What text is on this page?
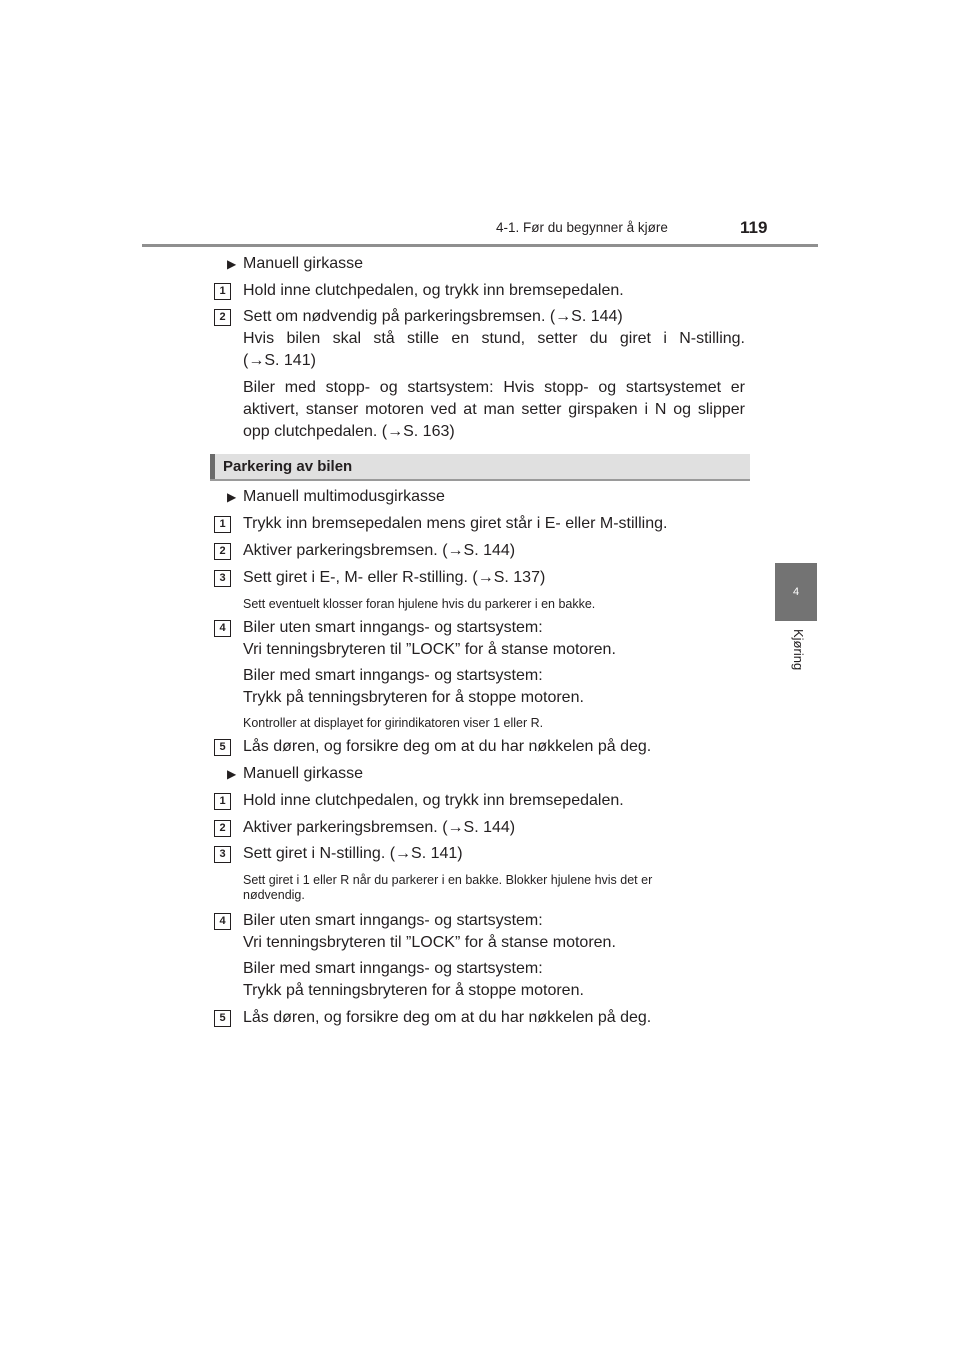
4-1. Før du begynner å kjøre	119
4
Kjøring
▶ Manuell girkasse
1	Hold inne clutchpedalen, og trykk inn bremsepedalen.
2	Sett om nødvendig på parkeringsbremsen. (→S. 144)
Hvis bilen skal stå stille en stund, setter du giret i N-stilling.
(→S. 141)
Biler med stopp- og startsystem: Hvis stopp- og startsystemet er
aktivert, stanser motoren ved at man setter girspaken i N og slipper
opp clutchpedalen. (→S. 163)
Parkering av bilen
▶ Manuell multimodusgirkasse
1	Trykk inn bremsepedalen mens giret står i E- eller M-stilling.
2	Aktiver parkeringsbremsen. (→S. 144)
3	Sett giret i E-, M- eller R-stilling. (→S. 137)
Sett eventuelt klosser foran hjulene hvis du parkerer i en bakke.
4	Biler uten smart inngangs- og startsystem:
Vri tenningsbryteren til ”LOCK” for å stanse motoren.
Biler med smart inngangs- og startsystem:
Trykk på tenningsbryteren for å stoppe motoren.
Kontroller at displayet for girindikatoren viser 1 eller R.
5	Lås døren, og forsikre deg om at du har nøkkelen på deg.
▶ Manuell girkasse
1	Hold inne clutchpedalen, og trykk inn bremsepedalen.
2	Aktiver parkeringsbremsen. (→S. 144)
3	Sett giret i N-stilling. (→S. 141)
Sett giret i 1 eller R når du parkerer i en bakke. Blokker hjulene hvis det er
nødvendig.
4	Biler uten smart inngangs- og startsystem:
Vri tenningsbryteren til ”LOCK” for å stanse motoren.
Biler med smart inngangs- og startsystem:
Trykk på tenningsbryteren for å stoppe motoren.
5	Lås døren, og forsikre deg om at du har nøkkelen på deg.
